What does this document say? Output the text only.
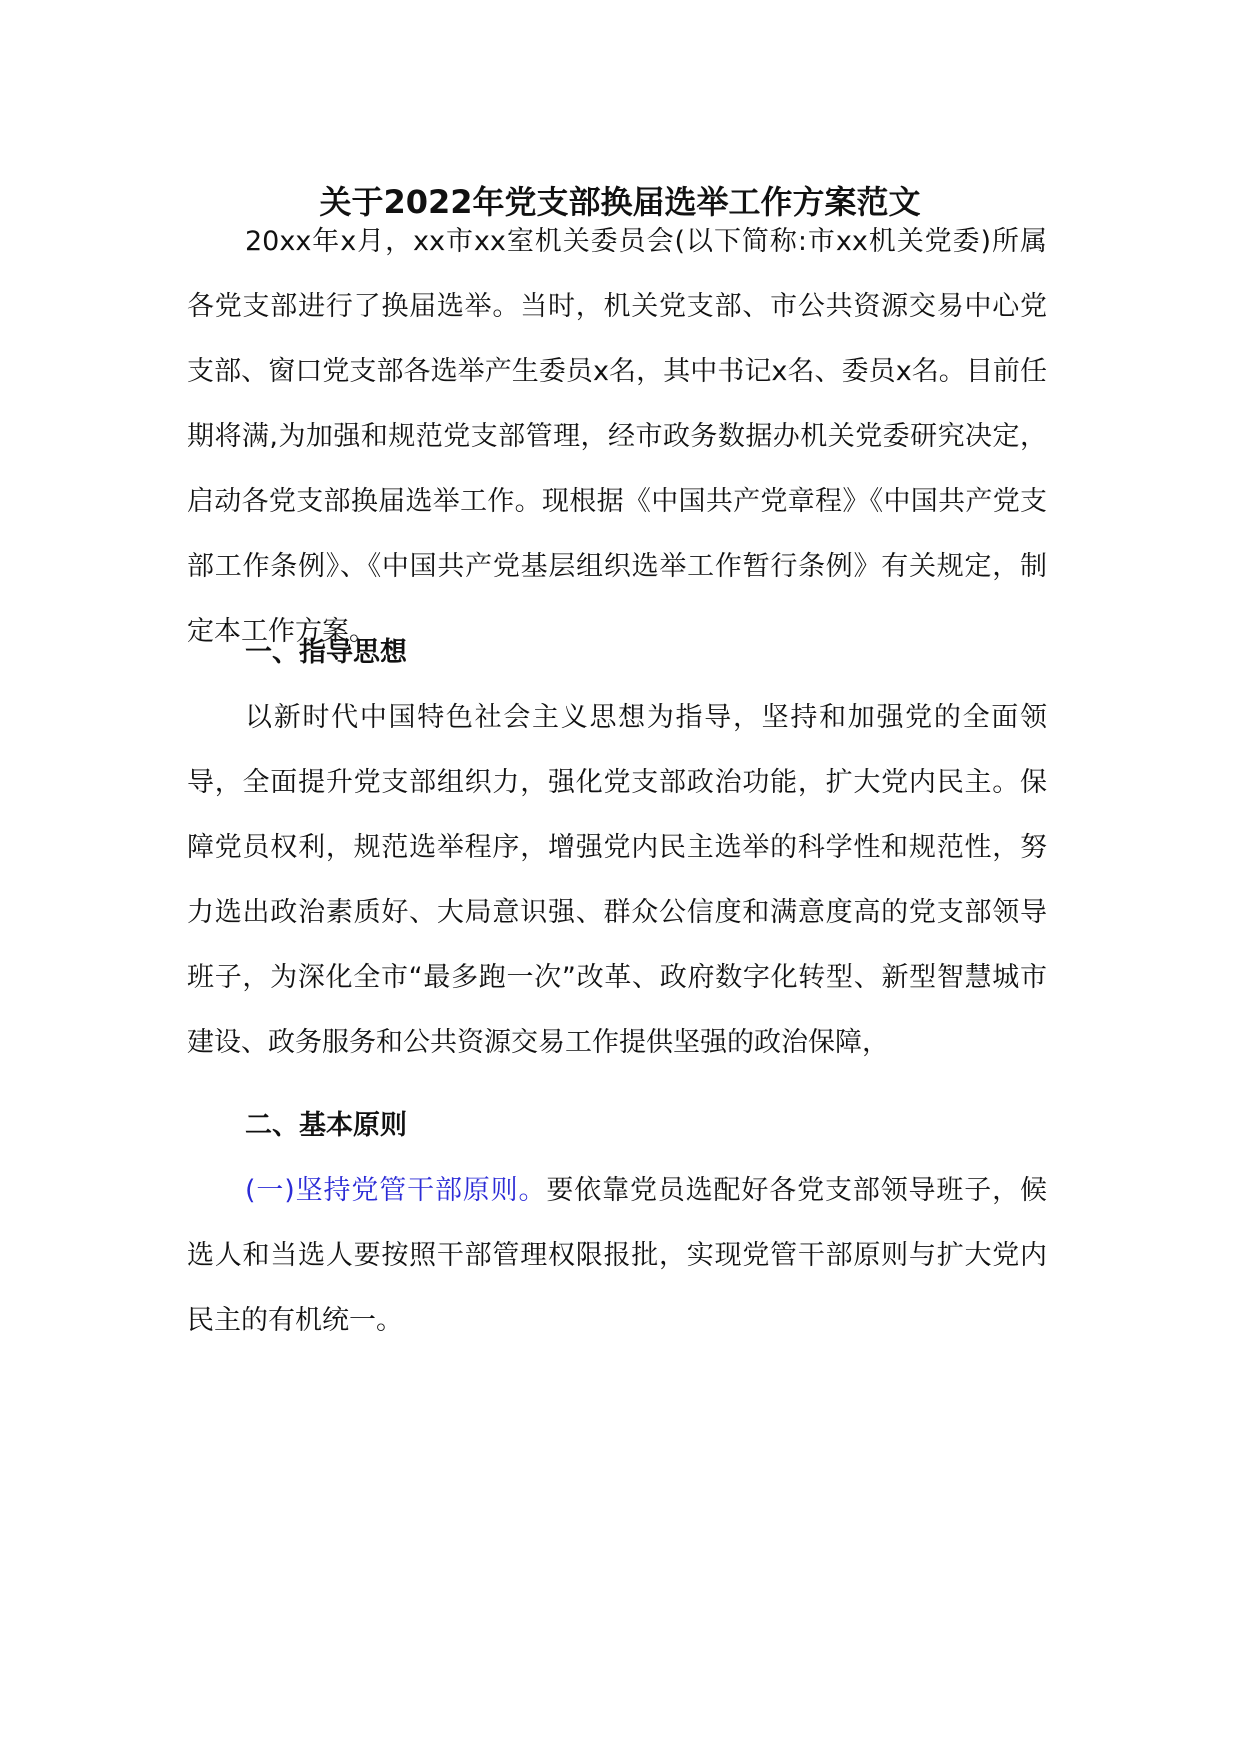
关于2022年党支部换届选举工作方案范文

20xx年x月，xx市xx室机关委员会(以下简称:市xx机关党委)所属各党支部进行了换届选举。当时，机关党支部、市公共资源交易中心党支部、窗口党支部各选举产生委员x名，其中书记x名、委员x名。目前任期将满,为加强和规范党支部管理，经市政务数据办机关党委研究决定，启动各党支部换届选举工作。现根据《中国共产党章程》《中国共产党支部工作条例》、《中国共产党基层组织选举工作暂行条例》有关规定，制定本工作方案。

一、指导思想

以新时代中国特色社会主义思想为指导，坚持和加强党的全面领导，全面提升党支部组织力，强化党支部政治功能，扩大党内民主。保障党员权利，规范选举程序，增强党内民主选举的科学性和规范性，努力选出政治素质好、大局意识强、群众公信度和满意度高的党支部领导班子，为深化全市“最多跑一次”改革、政府数字化转型、新型智慧城市建设、政务服务和公共资源交易工作提供坚强的政治保障，

二、基本原则

(一)坚持党管干部原则。要依靠党员选配好各党支部领导班子，候选人和当选人要按照干部管理权限报批，实现党管干部原则与扩大党内民主的有机统一。
